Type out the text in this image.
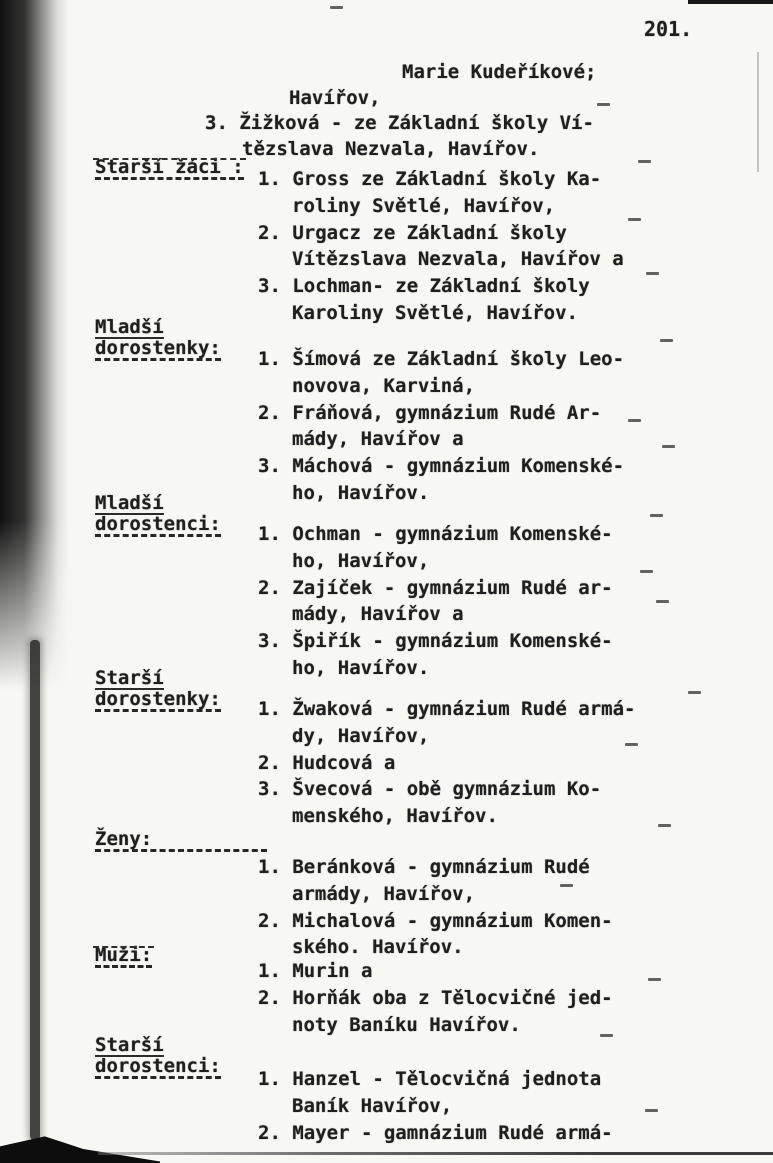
201.
Marie Kudeříkové;
Havířov,
3. Žižková - ze Základní školy Ví-
tězslava Nezvala, Havířov.
Starší žáci :
1. Gross ze Základní školy Ka-
roliny Světlé, Havířov,
2. Urgacz ze Základní školy
Vítězslava Nezvala, Havířov a
3. Lochman- ze Základní školy
Karoliny Světlé, Havířov.
Mladší
dorostenky: 1. Šímová ze Základní školy Leo-
novova, Karviná,
2. Fráňová, gymnázium Rudé Ar-
mády, Havířov a
3. Máchová - gymnázium Komenské-
ho, Havířov.
Mladší
dorostenci: 1. Ochman - gymnázium Komenské-
ho, Havířov,
2. Zajíček - gymnázium Rudé ar-
mády, Havířov a
3. Špiřík - gymnázium Komenské-
ho, Havířov.
Starší
dorostenky: 1. Žwaková - gymnázium Rudé armá-
dy, Havířov,
2. Hudcová a
3. Švecová - obě gymnázium Ko-
menského, Havířov.
Ženy:
1. Beránková - gymnázium Rudé
armády, Havířov,
2. Michalová - gymnázium Komen-
ského. Havířov.
Muži:
1. Murin a
2. Horňák oba z Tělocvičné jed-
noty Baníku Havířov.
Starší
dorostenci:
1. Hanzel - Tělocvičná jednota
Baník Havířov,
2. Mayer - gamnázium Rudé armá-
